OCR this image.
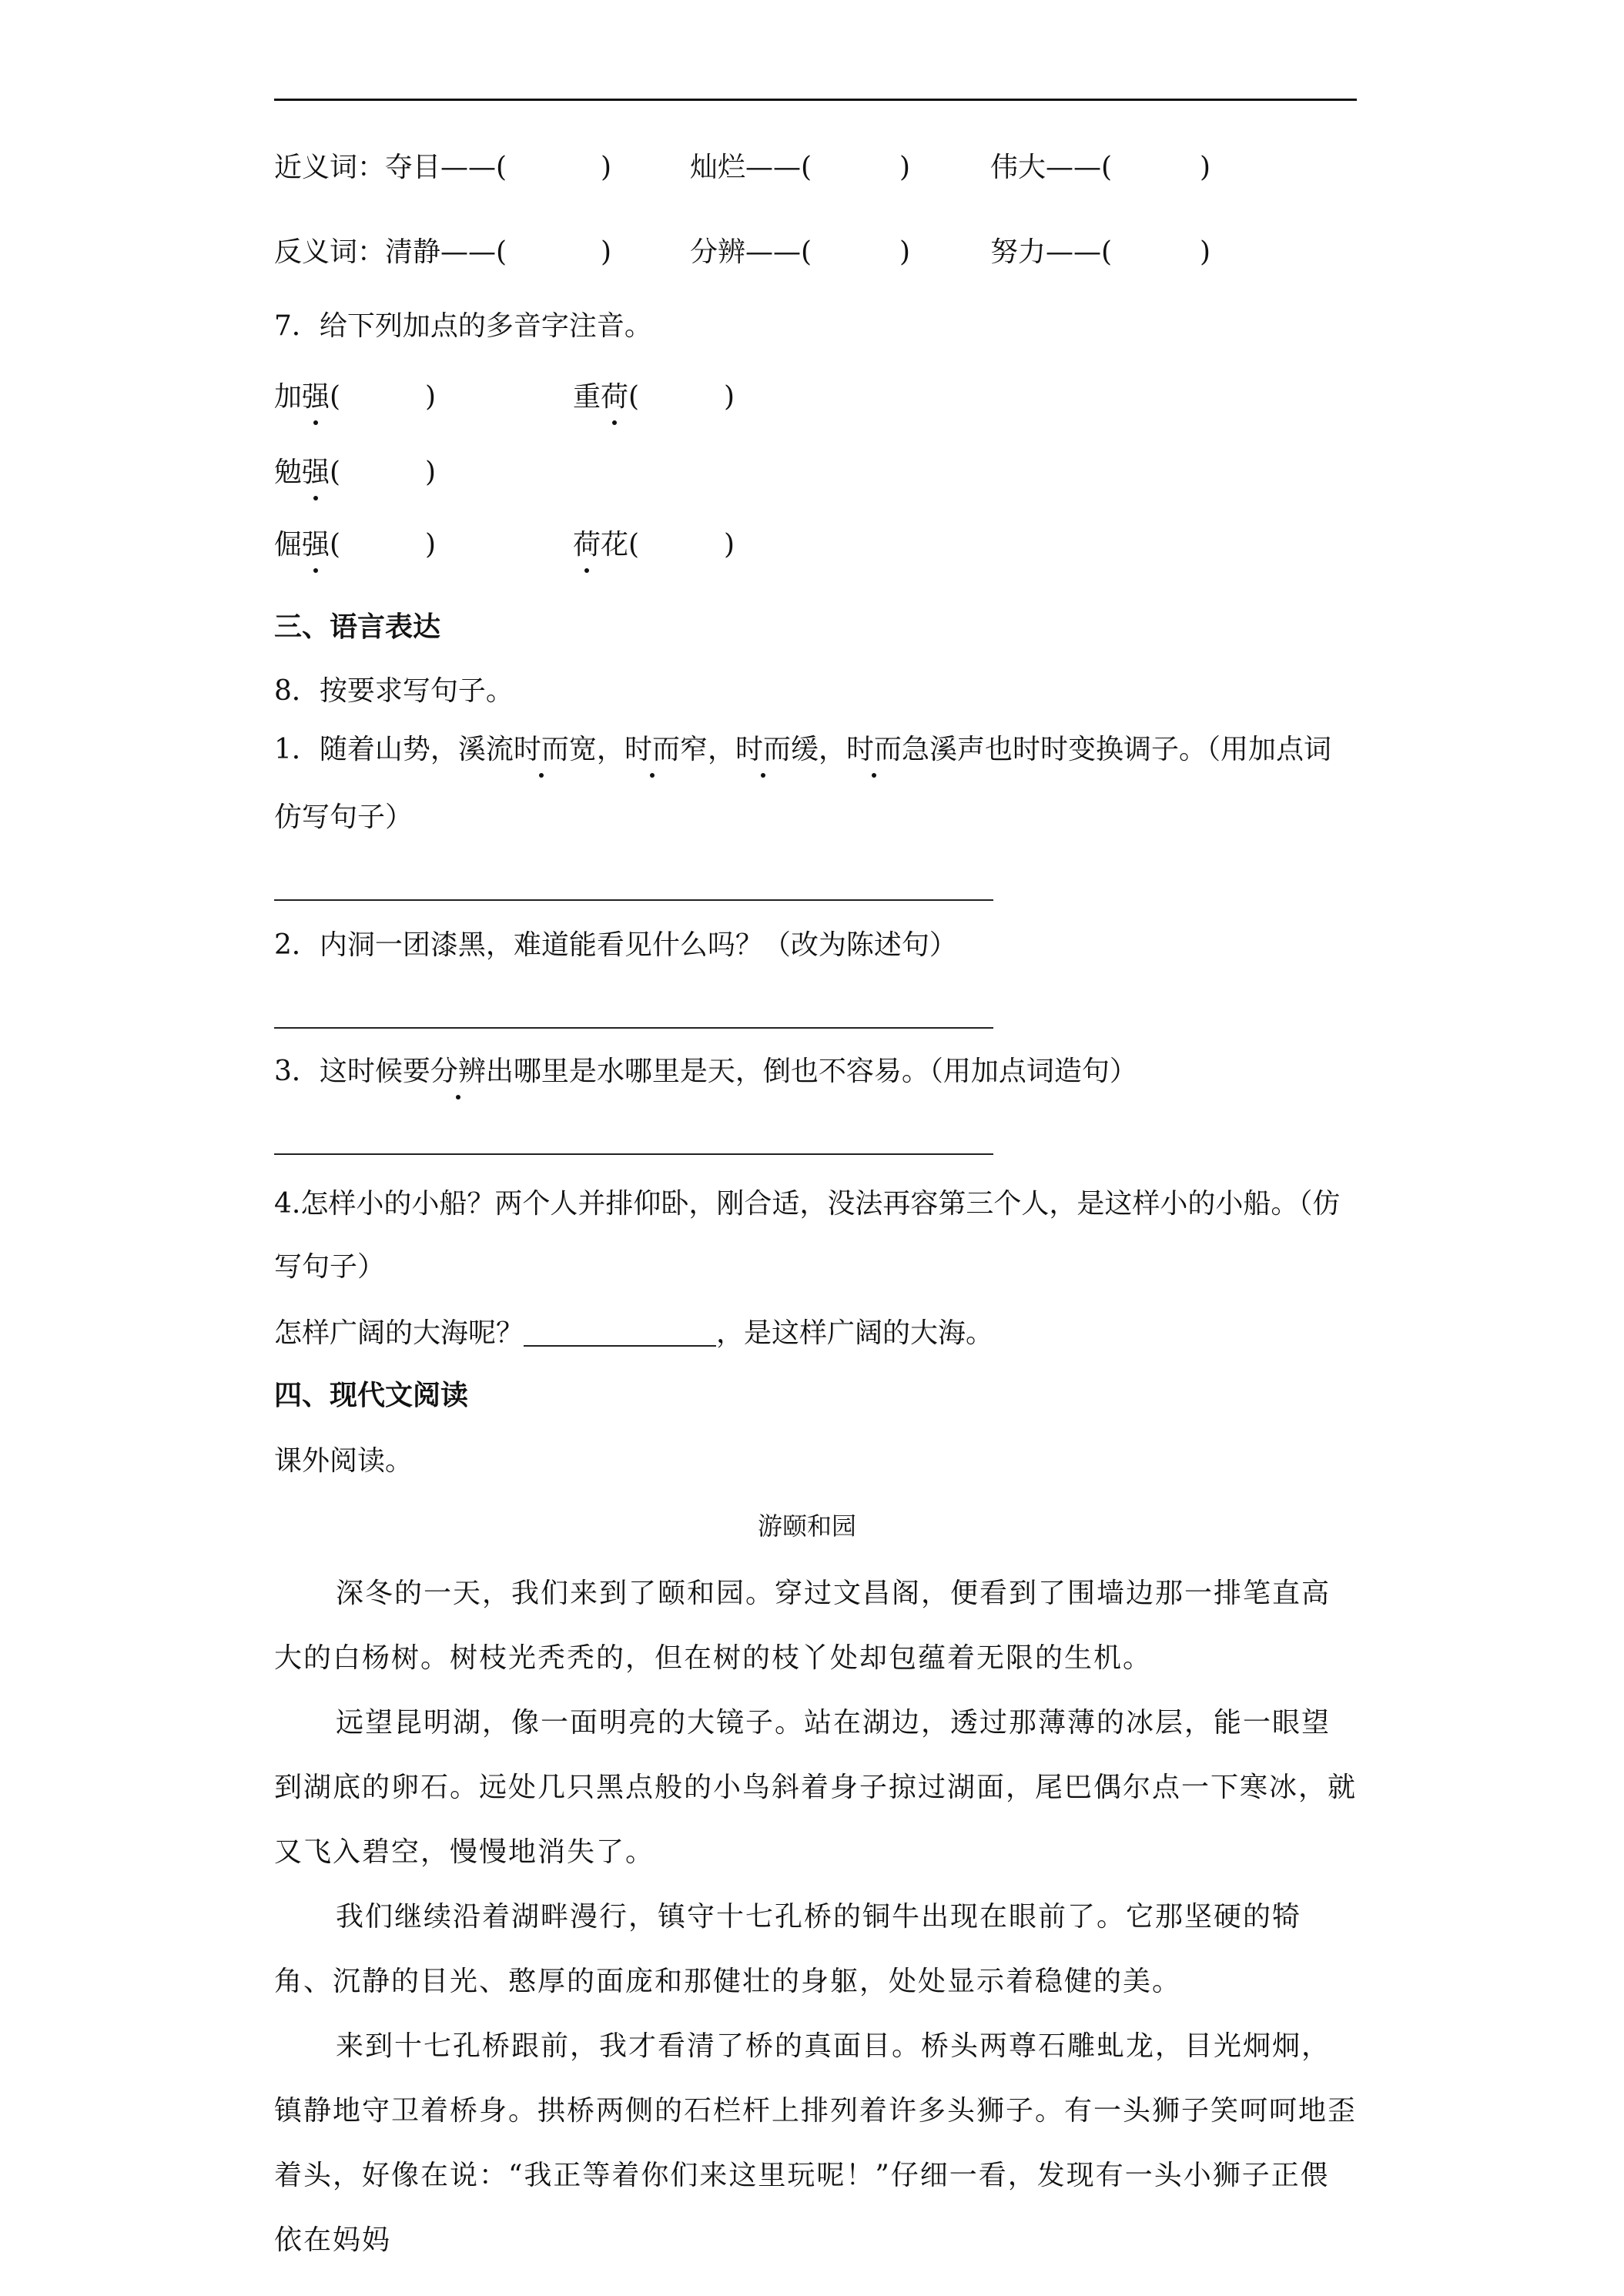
近义词： 夺目——(	)	灿烂——(	)	伟大——(	)
反义词： 清静——(	)	分辨——(	)	努力——(	)
7．给下列加点的多音字注音。
加强(	)	重荷(	)
勉强(	)
倔强(	)	荷花(	)
三、语言表达
8．按要求写句子。
1．随着山势，溪流时而宽，时而窄，时而缓，时而急溪声也时时变换调子。（用加点词
仿写句子）
2．内洞一团漆黑，难道能看见什么吗？（改为陈述句）
3．这时候要分辨出哪里是水哪里是天，倒也不容易。（用加点词造句）
4.怎样小的小船？两个人并排仰卧，刚合适，没法再容第三个人，是这样小的小船。（仿
写句子）
怎样广阔的大海呢？	，是这样广阔的大海。
四、现代文阅读
课外阅读。
游颐和园
深冬的一天，我们来到了颐和园。穿过文昌阁，便看到了围墙边那一排笔直高大的白杨树。树枝光秃秃的，但在树的枝丫处却包蕴着无限的生机。
远望昆明湖，像一面明亮的大镜子。站在湖边，透过那薄薄的冰层，能一眼望到湖底的卵石。远处几只黑点般的小鸟斜着身子掠过湖面，尾巴偶尔点一下寒冰，就又飞入碧空，慢慢地消失了。
我们继续沿着湖畔漫行，镇守十七孔桥的铜牛出现在眼前了。它那坚硬的犄角、沉静的目光、憨厚的面庞和那健壮的身躯，处处显示着稳健的美。
来到十七孔桥跟前，我才看清了桥的真面目。桥头两尊石雕虬龙，目光炯炯，镇静地守卫着桥身。拱桥两侧的石栏杆上排列着许多头狮子。有一头狮子笑呵呵地歪着头，好像在说：“我正等着你们来这里玩呢！”仔细一看，发现有一头小狮子正偎依在妈妈
